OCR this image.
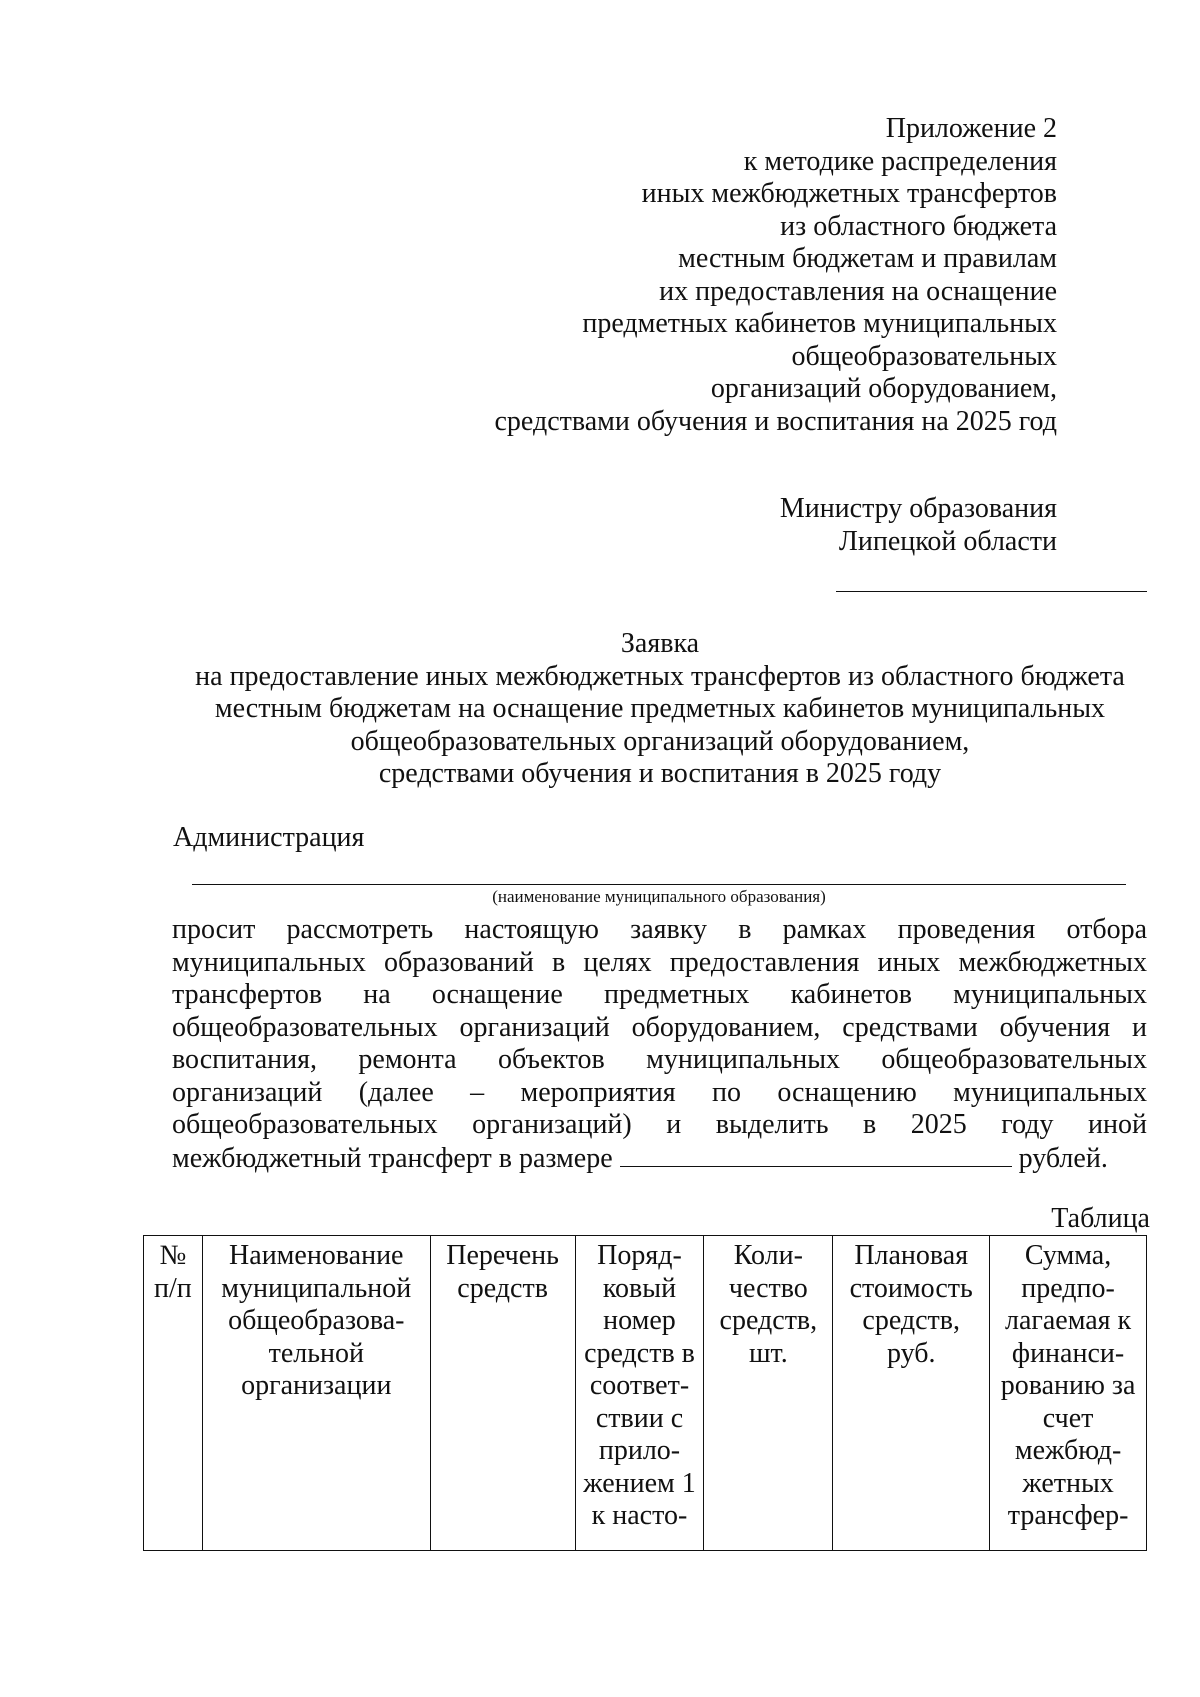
Приложение 2
к методике распределения
иных межбюджетных трансфертов
из областного бюджета
местным бюджетам и правилам
их предоставления на оснащение
предметных кабинетов муниципальных
общеобразовательных
организаций оборудованием,
средствами обучения и воспитания на 2025 год
Министру образования
Липецкой области
Заявка
на предоставление иных межбюджетных трансфертов из областного бюджета
местным бюджетам на оснащение предметных кабинетов муниципальных
общеобразовательных организаций оборудованием,
средствами обучения и воспитания в 2025 году
Администрация
(наименование муниципального образования)
просит рассмотреть настоящую заявку в рамках проведения отбора муниципальных образований в целях предоставления иных межбюджетных трансфертов на оснащение предметных кабинетов муниципальных общеобразовательных организаций оборудованием, средствами обучения и воспитания, ремонта объектов муниципальных общеобразовательных организаций (далее – мероприятия по оснащению муниципальных общеобразовательных организаций) и выделить в 2025 году иной межбюджетный трансферт в размере	рублей.
Таблица
№ п/п	Наименование муниципальной общеобразова-тельной организации	Перечень средств	Поряд-ковый номер средств в соответ-ствии с прило-жением 1 к насто-	Коли-чество средств, шт.	Плановая стоимость средств, руб.	Сумма, предпо-лагаемая к финанси-рованию за счет межбюд-жетных трансфер-
